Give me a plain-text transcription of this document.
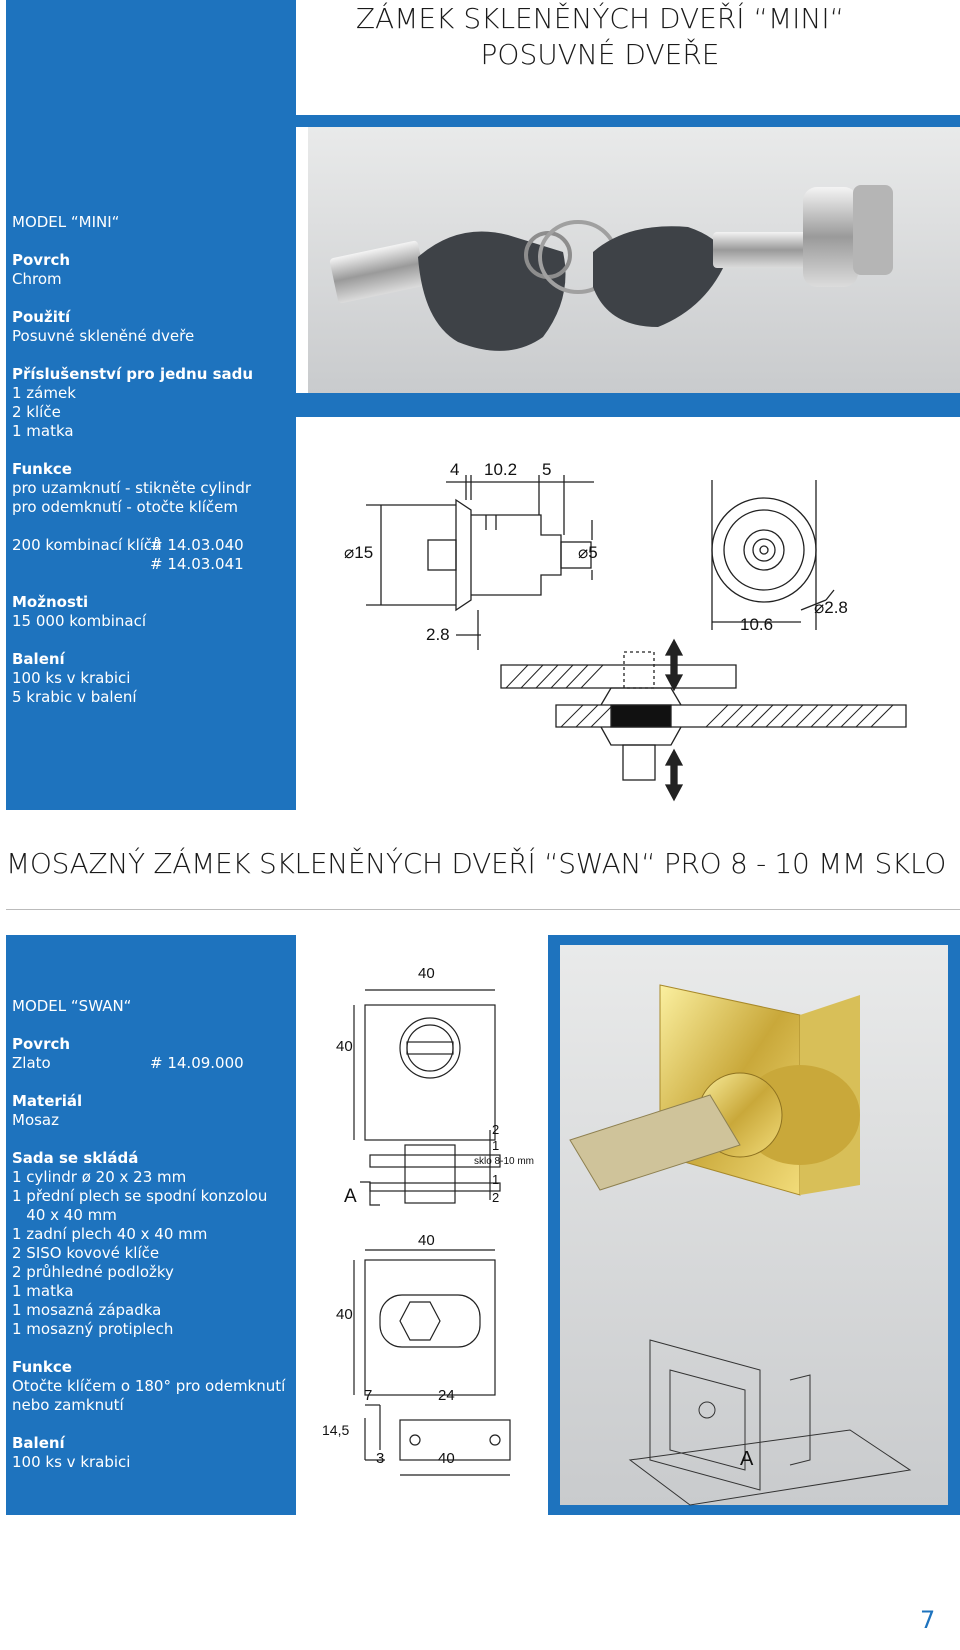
ZÁMEK SKLENĚNÝCH DVEŘÍ “MINI“
POSUVNÉ DVEŘE
MODEL “MINI“
Povrch
Chrom
Použití
Posuvné skleněné dveře
Příslušenství pro jednu sadu
1 zámek
2 klíče
1 matka
Funkce
pro uzamknutí - stikněte cylindr
pro odemknutí - otočte klíčem
200 kombinací klíčů
# 14.03.040
# 14.03.041
Možnosti
15 000 kombinací
Balení
100 ks v krabici
5 krabic v balení
4 10.2 5
⌀15	⌀5
2.8
10.6
⌀2.8
MOSAZNÝ ZÁMEK SKLENĚNÝCH DVEŘÍ “SWAN“ PRO 8 - 10 MM SKLO
MODEL “SWAN“
Povrch
Zlato	# 14.09.000
Materiál
Mosaz
Sada se skládá
1 cylindr ø 20 x 23 mm
1 přední plech se spodní konzolou
40 x 40 mm
1 zadní plech 40 x 40 mm
2 SISO kovové klíče
2 průhledné podložky
1 matka
1 mosazná západka
1 mosazný protiplech
Funkce
Otočte klíčem o 180° pro odemknutí
nebo zamknutí
Balení
100 ks v krabici
40
40
2
1
sklo 8-10 mm
1
2
A
40
40
7	24
14,5
3	40	A
7
